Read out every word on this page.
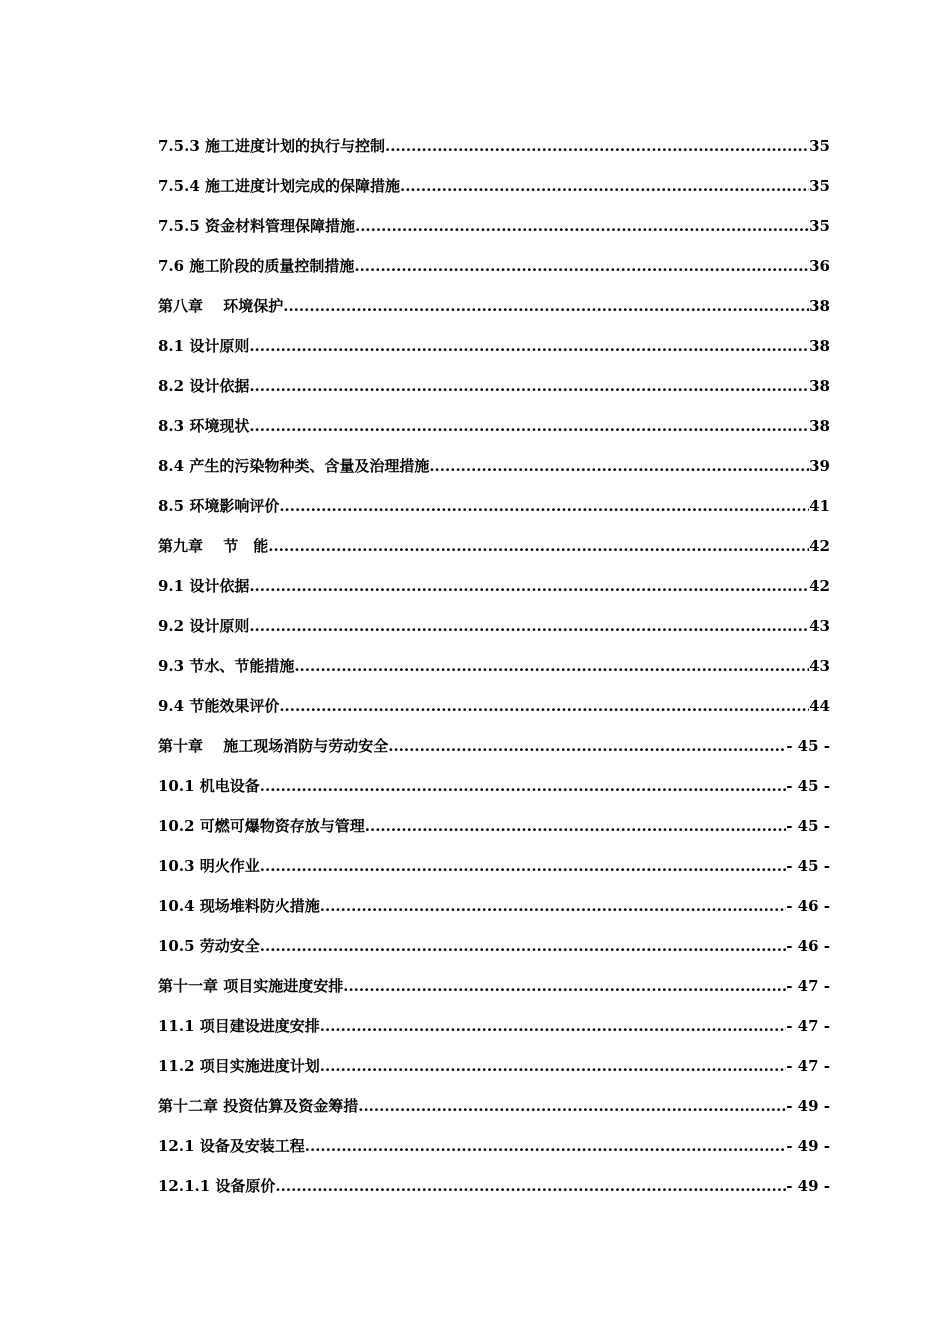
7.5.3 施工进度计划的执行与控制 .....	35
7.5.4 施工进度计划完成的保障措施 .....	35
7.5.5 资金材料管理保障措施 .....	35
7.6 施工阶段的质量控制措施 .....	36
第八章　 环境保护 .....	38
8.1 设计原则 .....	38
8.2 设计依据 .....	38
8.3 环境现状 .....	38
8.4 产生的污染物种类、含量及治理措施 .....	39
8.5 环境影响评价 .....	41
第九章　 节　能 .....	42
9.1 设计依据 .....	42
9.2 设计原则 .....	43
9.3 节水、节能措施 .....	43
9.4 节能效果评价 .....	44
第十章　 施工现场消防与劳动安全 .....	- 45 -
10.1 机电设备 .....	- 45 -
10.2 可燃可爆物资存放与管理 .....	- 45 -
10.3 明火作业 .....	- 45 -
10.4 现场堆料防火措施 .....	- 46 -
10.5 劳动安全 .....	- 46 -
第十一章 项目实施进度安排 .....	- 47 -
11.1 项目建设进度安排 .....	- 47 -
11.2 项目实施进度计划 .....	- 47 -
第十二章 投资估算及资金筹措 .....	- 49 -
12.1 设备及安装工程 .....	- 49 -
12.1.1 设备原价 .....	- 49 -
